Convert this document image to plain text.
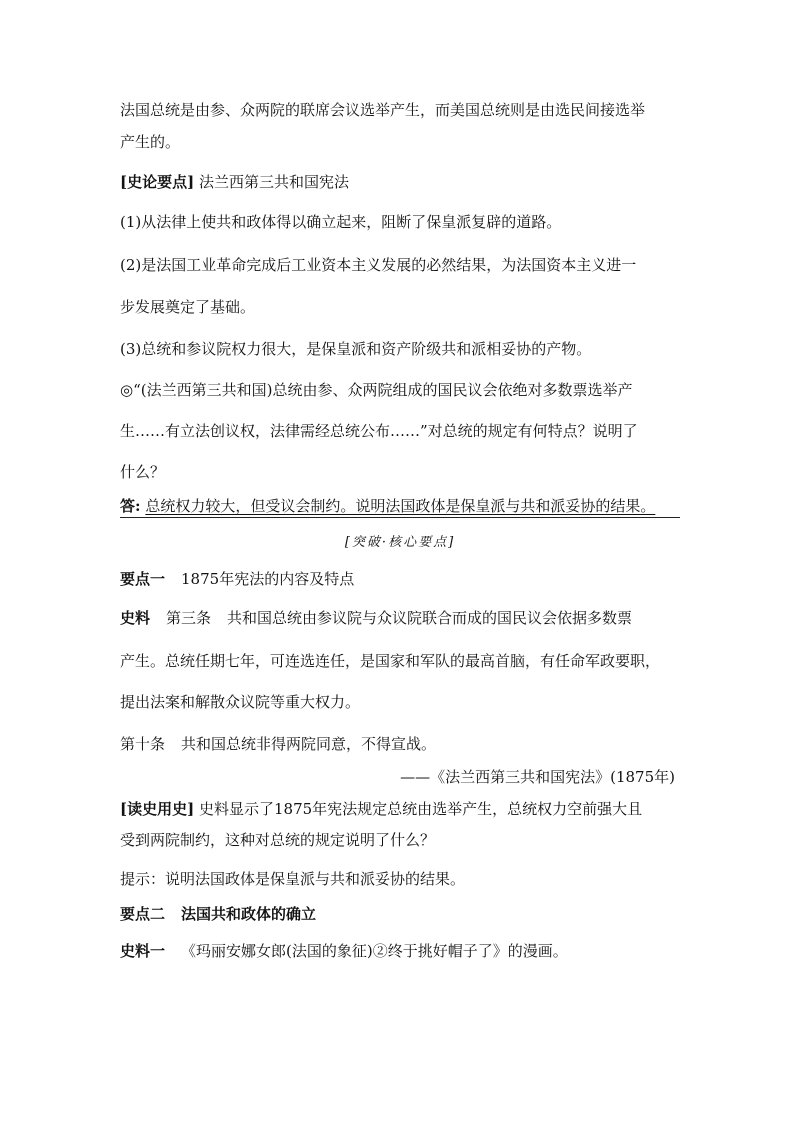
法国总统是由参、众两院的联席会议选举产生，而美国总统则是由选民间接选举
产生的。
[史论要点] 法兰西第三共和国宪法
(1)从法律上使共和政体得以确立起来，阻断了保皇派复辟的道路。
(2)是法国工业革命完成后工业资本主义发展的必然结果，为法国资本主义进一
步发展奠定了基础。
(3)总统和参议院权力很大，是保皇派和资产阶级共和派相妥协的产物。
◎“(法兰西第三共和国)总统由参、众两院组成的国民议会依绝对多数票选举产
生……有立法创议权，法律需经总统公布……”对总统的规定有何特点？说明了
什么？
答: 总统权力较大，但受议会制约。说明法国政体是保皇派与共和派妥协的结果。
[突破·核心要点]
要点一 1875年宪法的内容及特点
史料 第三条 共和国总统由参议院与众议院联合而成的国民议会依据多数票
产生。总统任期七年，可连选连任，是国家和军队的最高首脑，有任命军政要职，
提出法案和解散众议院等重大权力。
第十条 共和国总统非得两院同意，不得宣战。
——《法兰西第三共和国宪法》(1875年)
[读史用史] 史料显示了1875年宪法规定总统由选举产生，总统权力空前强大且
受到两院制约，这种对总统的规定说明了什么？
提示：说明法国政体是保皇派与共和派妥协的结果。
要点二 法国共和政体的确立
史料一 《玛丽安娜女郎(法国的象征)②终于挑好帽子了》的漫画。
